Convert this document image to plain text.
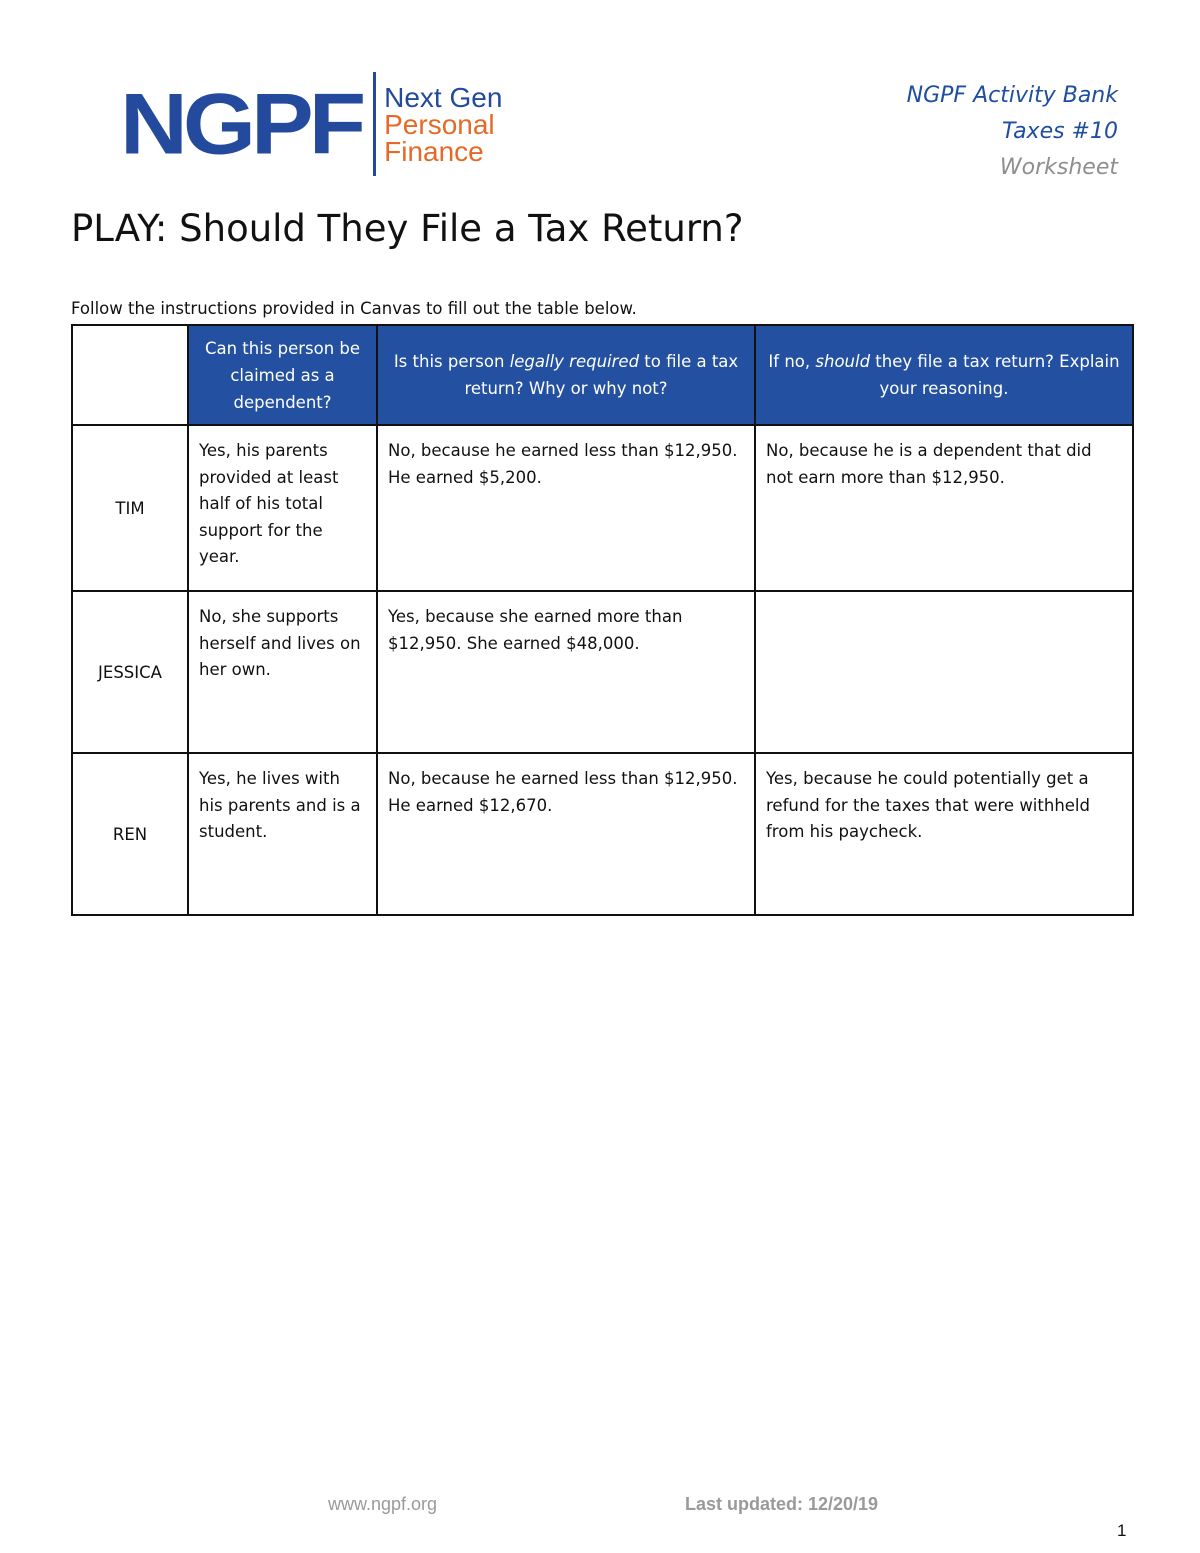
NGPF Next Gen
Personal
Finance
NGPF Activity Bank
Taxes #10
Worksheet
PLAY: Should They File a Tax Return?
Follow the instructions provided in Canvas to fill out the table below.
	Can this person be claimed as a dependent?	Is this person legally required to file a tax return? Why or why not?	If no, should they file a tax return? Explain your reasoning.
TIM	Yes, his parents provided at least half of his total support for the year.	No, because he earned less than $12,950. He earned $5,200.	No, because he is a dependent that did not earn more than $12,950.
JESSICA	No, she supports herself and lives on her own.	Yes, because she earned more than $12,950. She earned $48,000.	
REN	Yes, he lives with his parents and is a student.	No, because he earned less than $12,950. He earned $12,670.	Yes, because he could potentially get a refund for the taxes that were withheld from his paycheck.
www.ngpf.org	Last updated: 12/20/19
1
